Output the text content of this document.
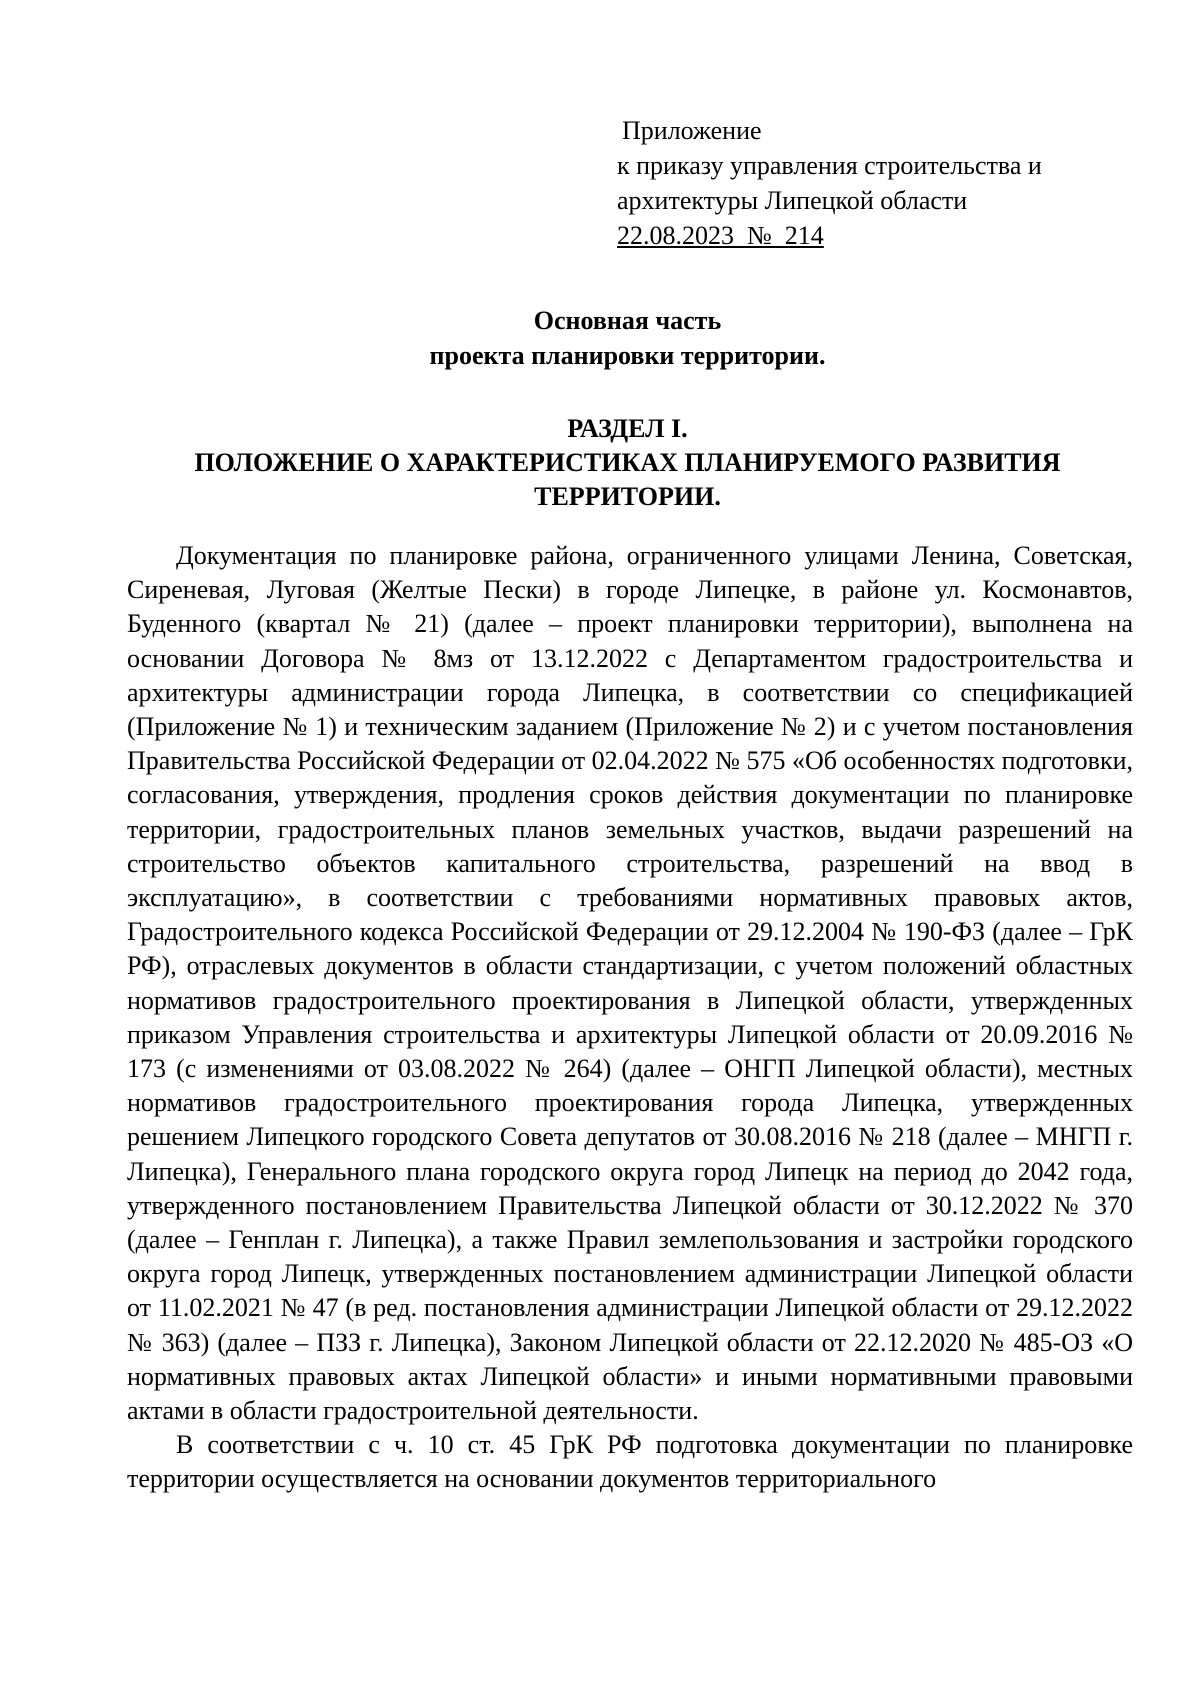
Приложение
к приказу управления строительства и
архитектуры Липецкой области
22.08.2023  №  214
Основная часть
проекта планировки территории.
РАЗДЕЛ I.
ПОЛОЖЕНИЕ О ХАРАКТЕРИСТИКАХ ПЛАНИРУЕМОГО РАЗВИТИЯ
ТЕРРИТОРИИ.

Документация по планировке района, ограниченного улицами Ленина, Советская, Сиреневая, Луговая (Желтые Пески) в городе Липецке, в районе ул. Космонавтов, Буденного (квартал № 21) (далее – проект планировки территории), выполнена на основании Договора № 8мз от 13.12.2022 с Департаментом градостроительства и архитектуры администрации города Липецка, в соответствии со спецификацией (Приложение № 1) и техническим заданием (Приложение № 2) и с учетом постановления Правительства Российской Федерации от 02.04.2022 № 575 «Об особенностях подготовки, согласования, утверждения, продления сроков действия документации по планировке территории, градостроительных планов земельных участков, выдачи разрешений на строительство объектов капитального строительства, разрешений на ввод в эксплуатацию», в соответствии с требованиями нормативных правовых актов, Градостроительного кодекса Российской Федерации от 29.12.2004 № 190-ФЗ (далее – ГрК РФ), отраслевых документов в области стандартизации, с учетом положений областных нормативов градостроительного проектирования в Липецкой области, утвержденных приказом Управления строительства и архитектуры Липецкой области от 20.09.2016 № 173 (с изменениями от 03.08.2022 № 264) (далее – ОНГП Липецкой области), местных нормативов градостроительного проектирования города Липецка, утвержденных решением Липецкого городского Совета депутатов от 30.08.2016 № 218 (далее – МНГП г. Липецка), Генерального плана городского округа город Липецк на период до 2042 года, утвержденного постановлением Правительства Липецкой области от 30.12.2022 № 370 (далее – Генплан г. Липецка), а также Правил землепользования и застройки городского округа город Липецк, утвержденных постановлением администрации Липецкой области от 11.02.2021 № 47 (в ред. постановления администрации Липецкой области от 29.12.2022 № 363) (далее – ПЗЗ г. Липецка), Законом Липецкой области от 22.12.2020 № 485-ОЗ «О нормативных правовых актах Липецкой области» и иными нормативными правовыми актами в области градостроительной деятельности.

В соответствии с ч. 10 ст. 45 ГрК РФ подготовка документации по планировке территории осуществляется на основании документов территориального
